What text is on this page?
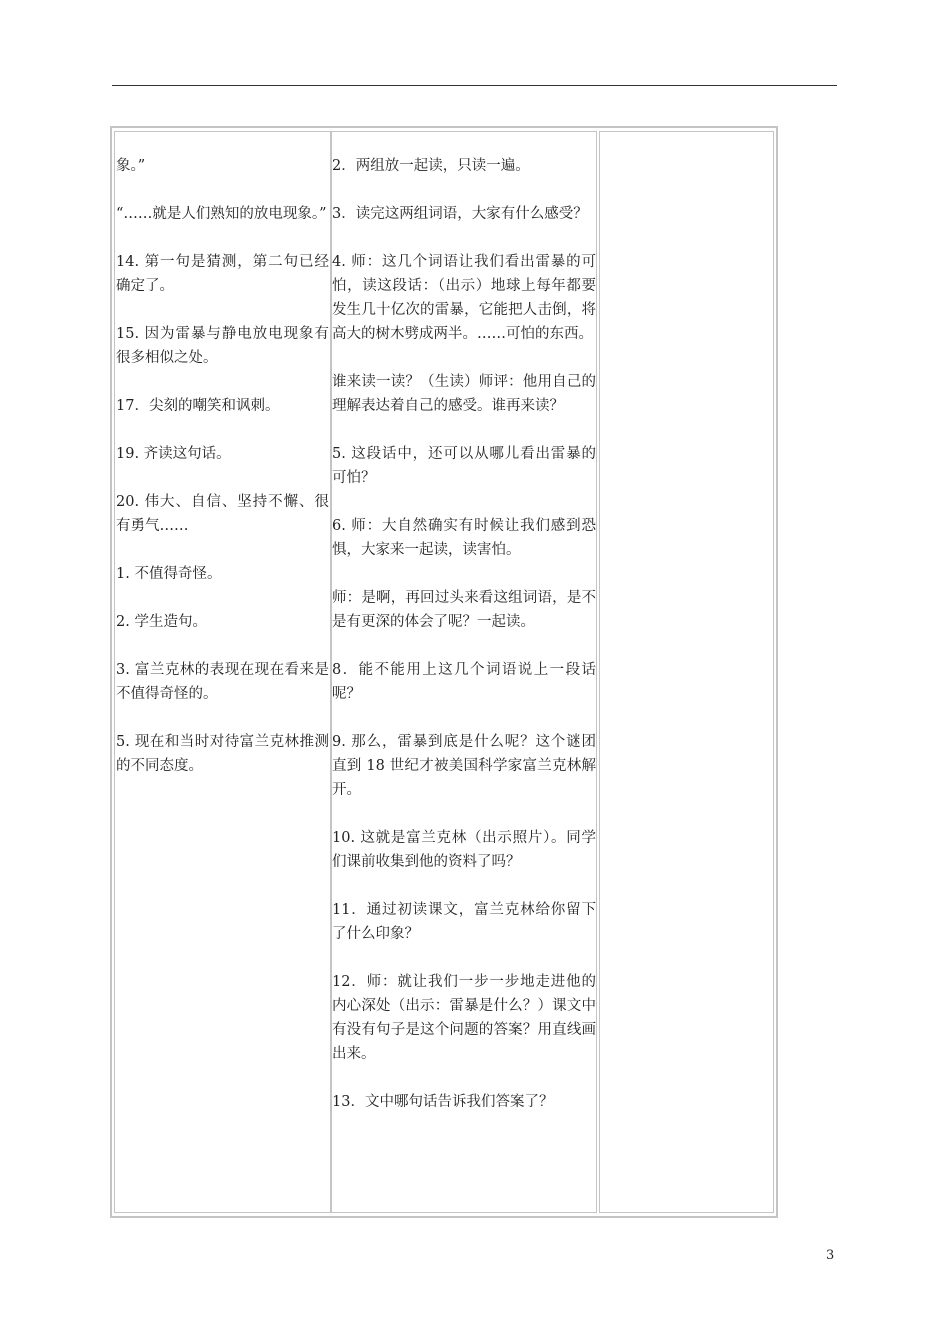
象。”

“……就是人们熟知的放电现象。”

14. 第一句是猜测，第二句已经确定了。

15. 因为雷暴与静电放电现象有很多相似之处。

17．尖刻的嘲笑和讽刺。

19. 齐读这句话。

20. 伟大、自信、坚持不懈、很有勇气……

1. 不值得奇怪。

2. 学生造句。

3. 富兰克林的表现在现在看来是不值得奇怪的。

5. 现在和当时对待富兰克林推测的不同态度。

2．两组放一起读，只读一遍。

3．读完这两组词语，大家有什么感受？

4. 师：这几个词语让我们看出雷暴的可怕，读这段话：（出示）地球上每年都要发生几十亿次的雷暴，它能把人击倒，将高大的树木劈成两半。……可怕的东西。

谁来读一读？（生读）师评：他用自己的理解表达着自己的感受。谁再来读？

5. 这段话中，还可以从哪儿看出雷暴的可怕？

6. 师：大自然确实有时候让我们感到恐惧，大家来一起读，读害怕。

师：是啊，再回过头来看这组词语，是不是有更深的体会了呢？一起读。

8．能不能用上这几个词语说上一段话呢？

9. 那么，雷暴到底是什么呢？这个谜团直到 18 世纪才被美国科学家富兰克林解开。

10. 这就是富兰克林（出示照片）。同学们课前收集到他的资料了吗？

11．通过初读课文，富兰克林给你留下了什么印象？

12．师：就让我们一步一步地走进他的内心深处（出示：雷暴是什么？）课文中有没有句子是这个问题的答案？用直线画出来。

13．文中哪句话告诉我们答案了？

3
